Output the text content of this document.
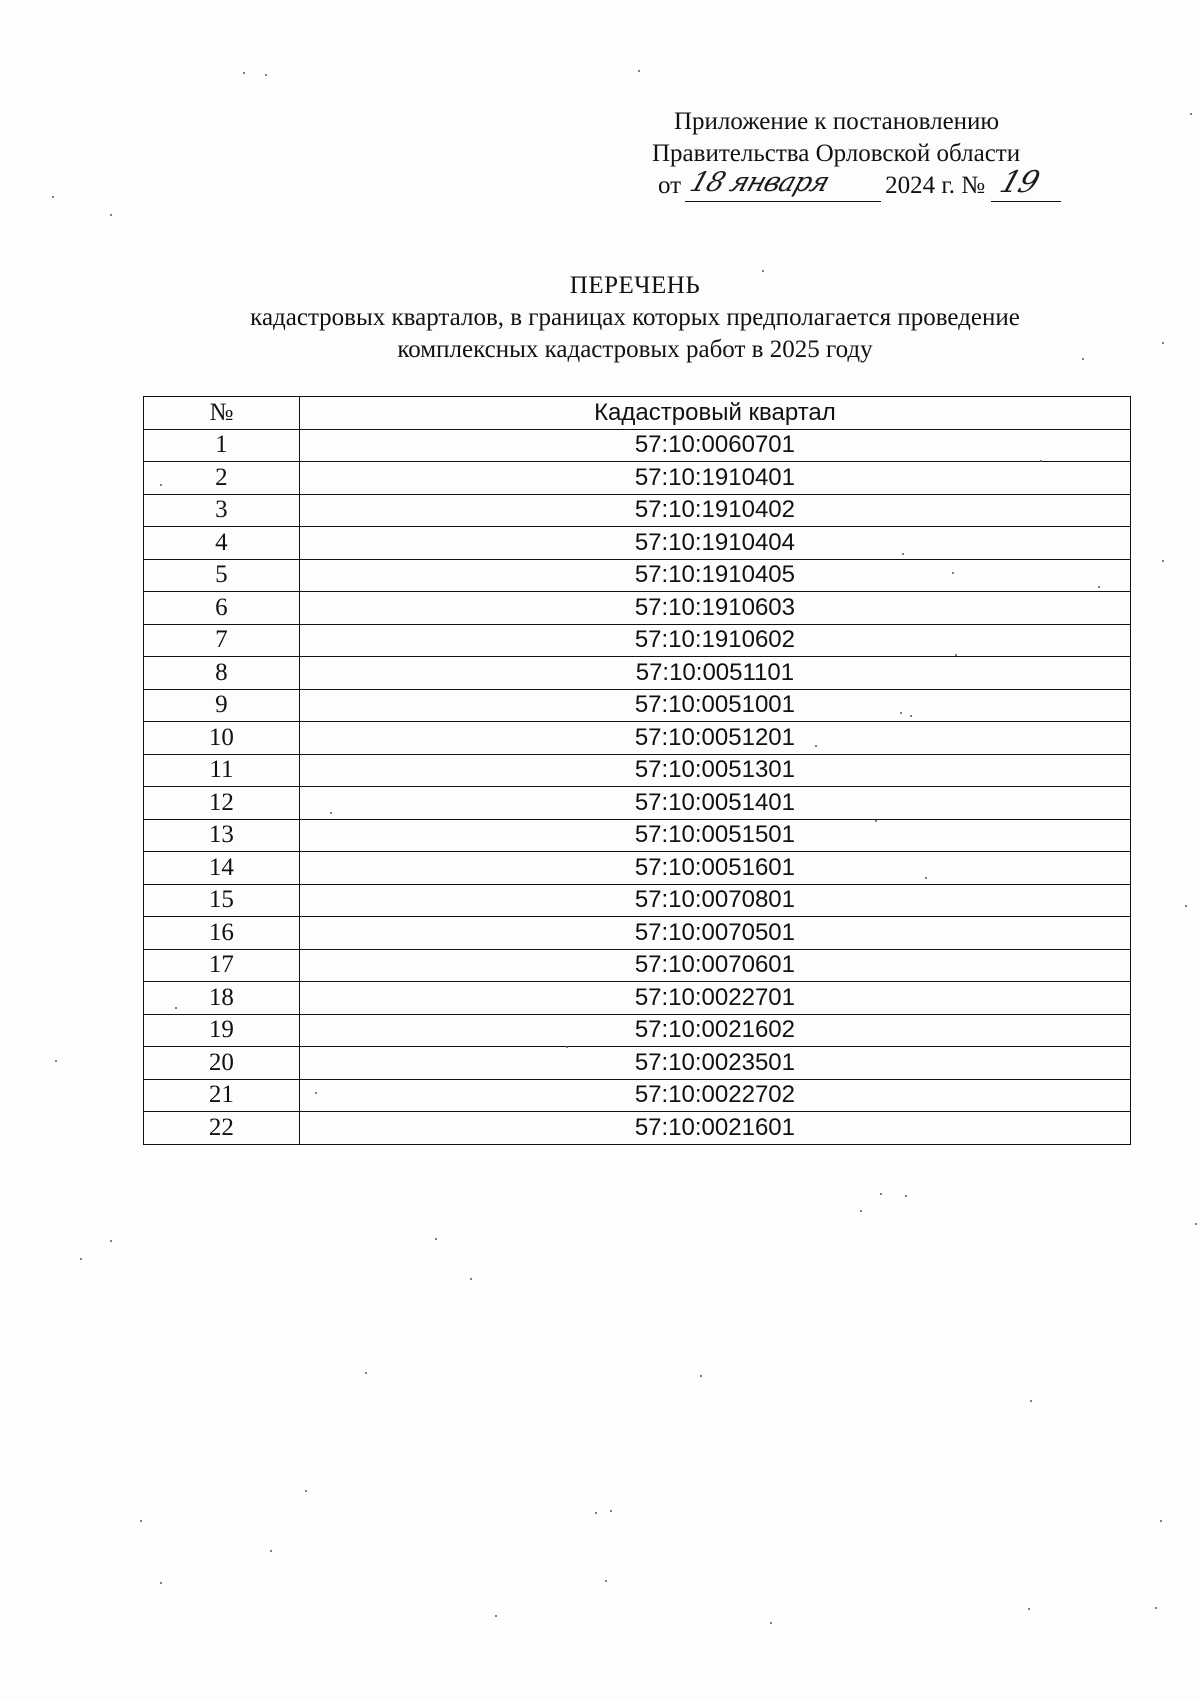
Приложение к постановлению
Правительства Орловской области
от 18 января 2024 г. № 19
ПЕРЕЧЕНЬ
кадастровых кварталов, в границах которых предполагается проведение
комплексных кадастровых работ в 2025 году
№	Кадастровый квартал
1	57:10:0060701
2	57:10:1910401
3	57:10:1910402
4	57:10:1910404
5	57:10:1910405
6	57:10:1910603
7	57:10:1910602
8	57:10:0051101
9	57:10:0051001
10	57:10:0051201
11	57:10:0051301
12	57:10:0051401
13	57:10:0051501
14	57:10:0051601
15	57:10:0070801
16	57:10:0070501
17	57:10:0070601
18	57:10:0022701
19	57:10:0021602
20	57:10:0023501
21	57:10:0022702
22	57:10:0021601
